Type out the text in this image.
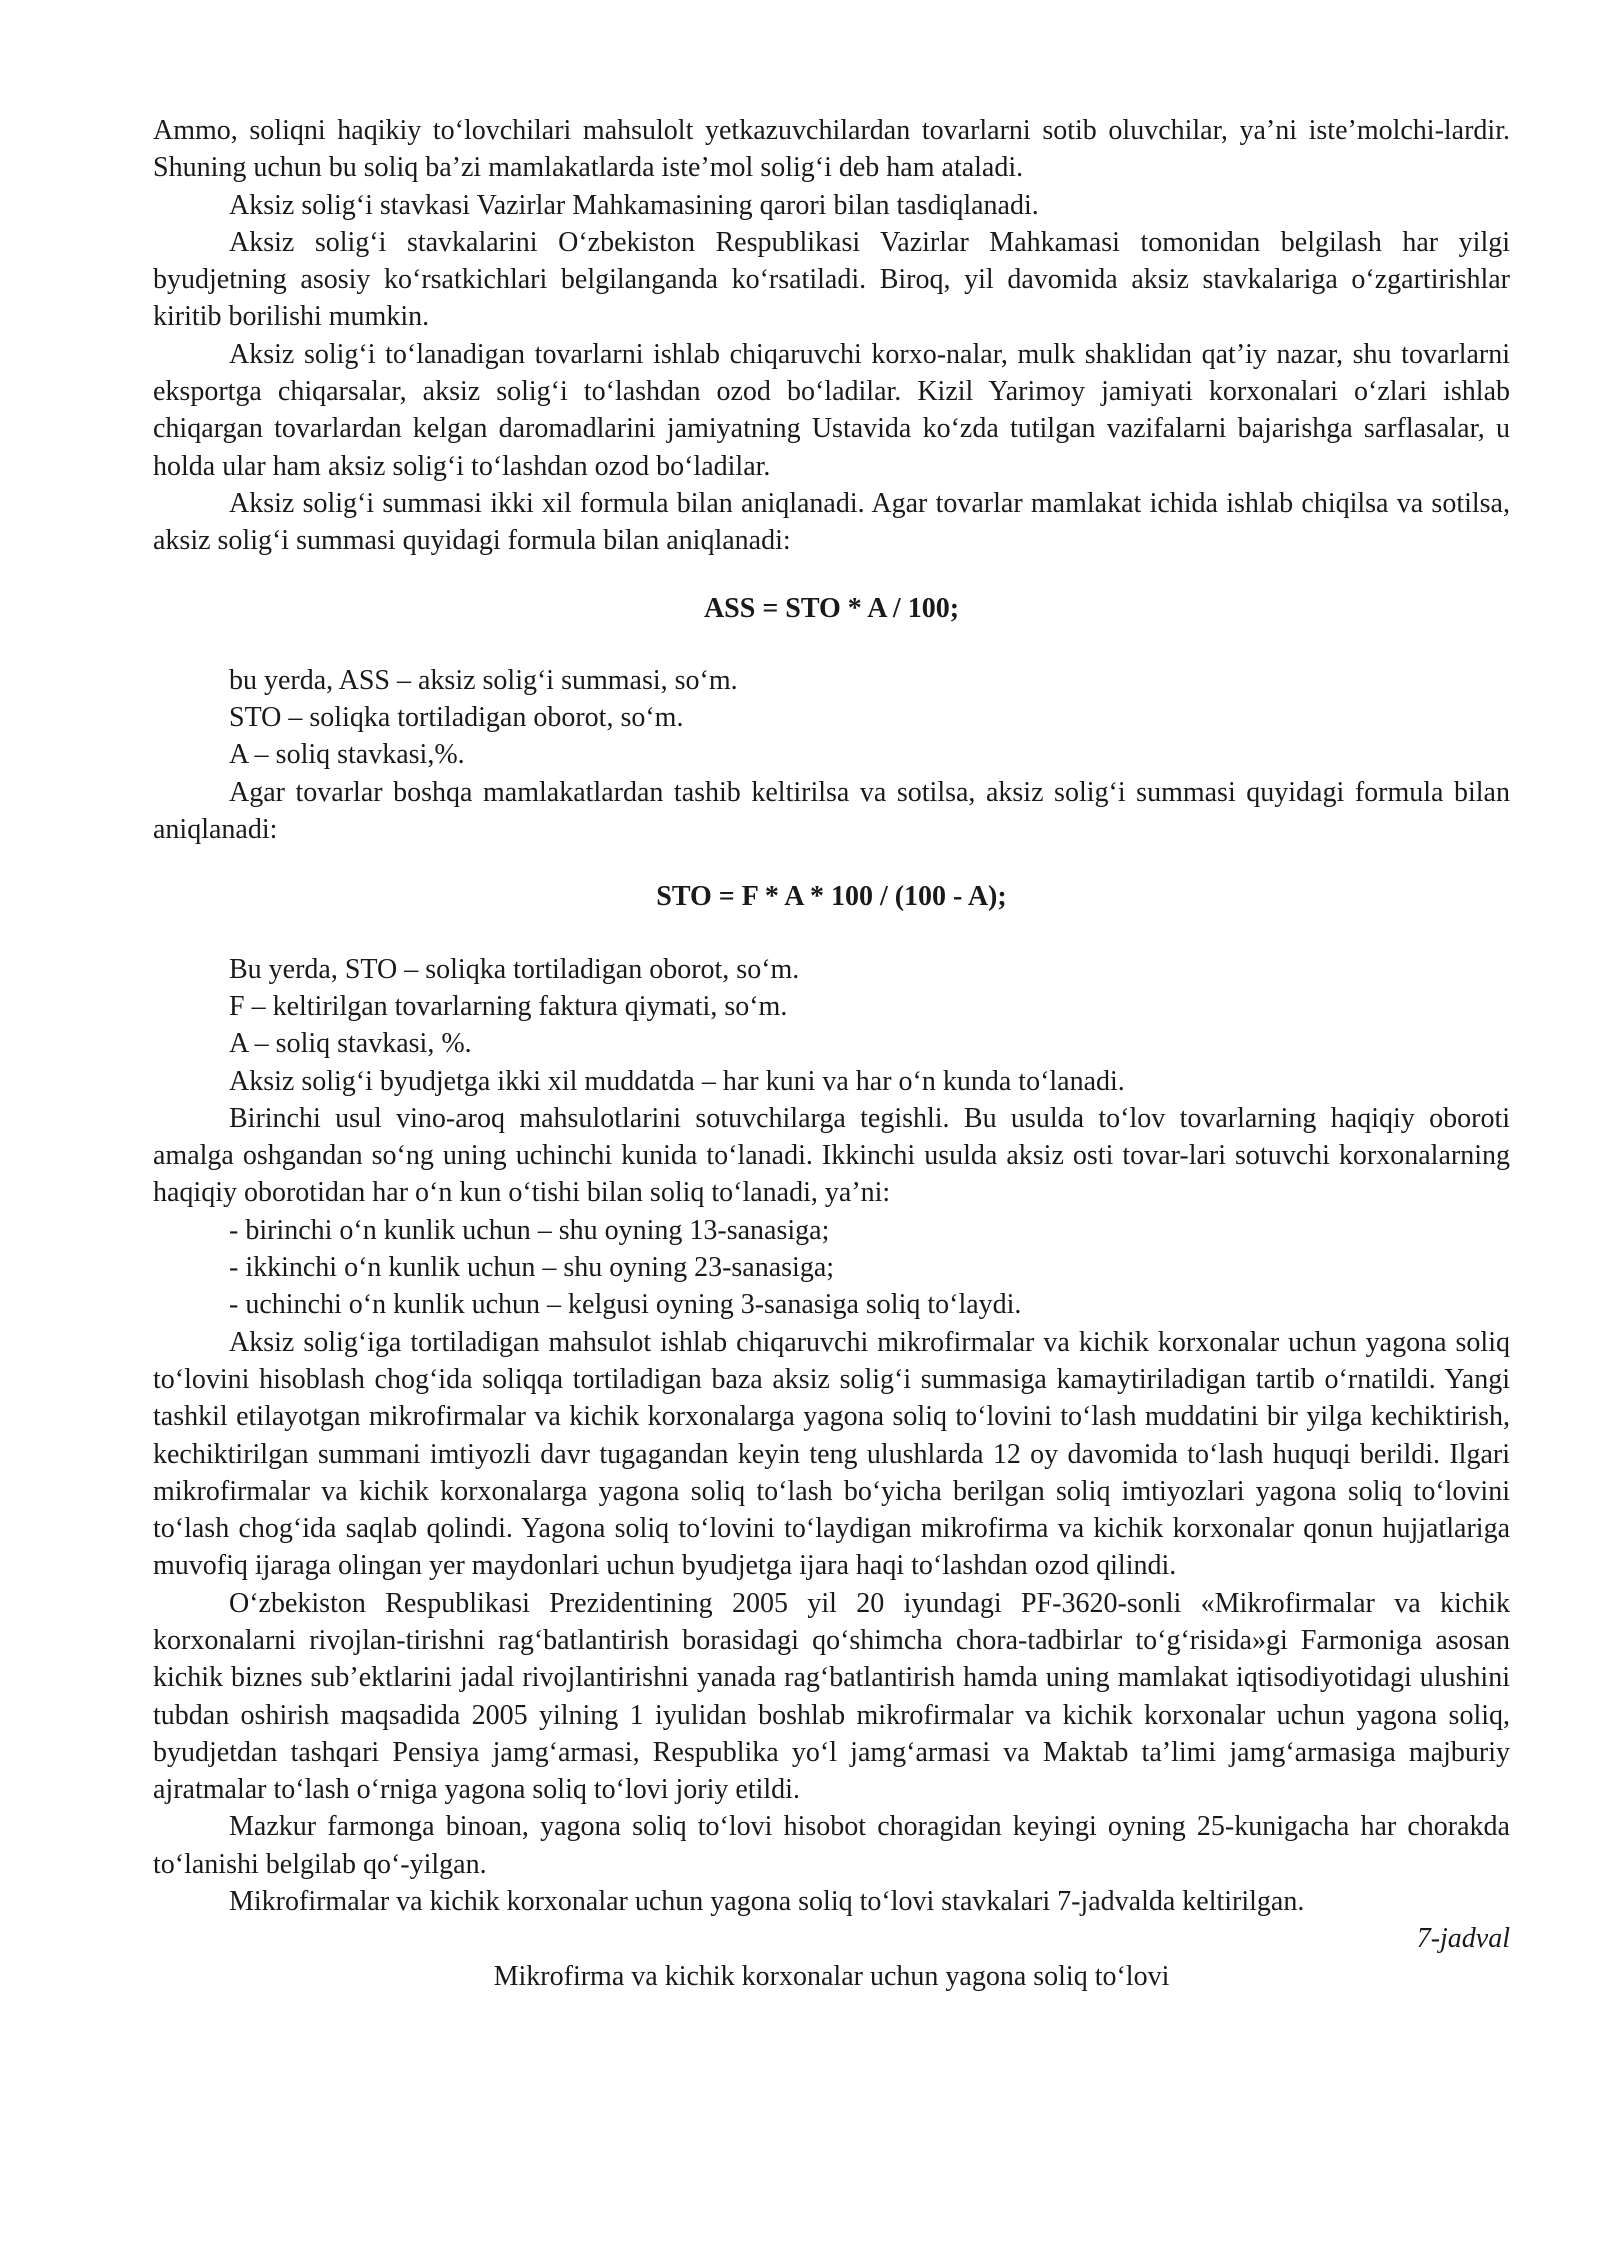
Ammo, soliqni haqikiy to‘lovchilari mahsulolt yetkazuvchilardan tovarlarni sotib oluvchilar, ya’ni iste’molchi-lardir. Shuning uchun bu soliq ba’zi mamlakatlarda iste’mol solig‘i deb ham ataladi.

Aksiz solig‘i stavkasi Vazirlar Mahkamasining qarori bilan tasdiqlanadi.

Aksiz solig‘i stavkalarini O‘zbekiston Respublikasi Vazirlar Mahkamasi tomonidan belgilash har yilgi byudjetning asosiy ko‘rsatkichlari belgilanganda ko‘rsatiladi. Biroq, yil davomida aksiz stavkalariga o‘zgartirishlar kiritib borilishi mumkin.

Aksiz solig‘i to‘lanadigan tovarlarni ishlab chiqaruvchi korxo-nalar, mulk shaklidan qat’iy nazar, shu tovarlarni eksportga chiqarsalar, aksiz solig‘i to‘lashdan ozod bo‘ladilar. Kizil Yarimoy jamiyati korxonalari o‘zlari ishlab chiqargan tovarlardan kelgan daromadlarini jamiyatning Ustavida ko‘zda tutilgan vazifalarni bajarishga sarflasalar, u holda ular ham aksiz solig‘i to‘lashdan ozod bo‘ladilar.

Aksiz solig‘i summasi ikki xil formula bilan aniqlanadi. Agar tovarlar mamlakat ichida ishlab chiqilsa va sotilsa, aksiz solig‘i summasi quyidagi formula bilan aniqlanadi:

ASS = STO * A / 100;

bu yerda, ASS – aksiz solig‘i summasi, so‘m.

STO – soliqka tortiladigan oborot, so‘m.

A – soliq stavkasi,%.

Agar tovarlar boshqa mamlakatlardan tashib keltirilsa va sotilsa, aksiz solig‘i summasi quyidagi formula bilan aniqlanadi:

STO = F * A * 100 / (100 - A);

Bu yerda, STO – soliqka tortiladigan oborot, so‘m.

F – keltirilgan tovarlarning faktura qiymati, so‘m.

A – soliq stavkasi, %.

Aksiz solig‘i byudjetga ikki xil muddatda – har kuni va har o‘n kunda to‘lanadi.

Birinchi usul vino-aroq mahsulotlarini sotuvchilarga tegishli. Bu usulda to‘lov tovarlarning haqiqiy oboroti amalga oshgandan so‘ng uning uchinchi kunida to‘lanadi. Ikkinchi usulda aksiz osti tovar-lari sotuvchi korxonalarning haqiqiy oborotidan har o‘n kun o‘tishi bilan soliq to‘lanadi, ya’ni:

- birinchi o‘n kunlik uchun – shu oyning 13-sanasiga;

- ikkinchi o‘n kunlik uchun – shu oyning 23-sanasiga;

- uchinchi o‘n kunlik uchun – kelgusi oyning 3-sanasiga soliq to‘laydi.

Aksiz solig‘iga tortiladigan mahsulot ishlab chiqaruvchi mikrofirmalar va kichik korxonalar uchun yagona soliq to‘lovini hisoblash chog‘ida soliqqa tortiladigan baza aksiz solig‘i summasiga kamaytiriladigan tartib o‘rnatildi. Yangi tashkil etilayotgan mikrofirmalar va kichik korxonalarga yagona soliq to‘lovini to‘lash muddatini bir yilga kechiktirish, kechiktirilgan summani imtiyozli davr tugagandan keyin teng ulushlarda 12 oy davomida to‘lash huquqi berildi. Ilgari mikrofirmalar va kichik korxonalarga yagona soliq to‘lash bo‘yicha berilgan soliq imtiyozlari yagona soliq to‘lovini to‘lash chog‘ida saqlab qolindi. Yagona soliq to‘lovini to‘laydigan mikrofirma va kichik korxonalar qonun hujjatlariga muvofiq ijaraga olingan yer maydonlari uchun byudjetga ijara haqi to‘lashdan ozod qilindi.

O‘zbekiston Respublikasi Prezidentining 2005 yil 20 iyundagi PF-3620-sonli «Mikrofirmalar va kichik korxonalarni rivojlan-tirishni rag‘batlantirish borasidagi qo‘shimcha chora-tadbirlar to‘g‘risida»gi Farmoniga asosan kichik biznes sub’ektlarini jadal rivojlantirishni yanada rag‘batlantirish hamda uning mamlakat iqtisodiyotidagi ulushini tubdan oshirish maqsadida 2005 yilning 1 iyulidan boshlab mikrofirmalar va kichik korxonalar uchun yagona soliq, byudjetdan tashqari Pensiya jamg‘armasi, Respublika yo‘l jamg‘armasi va Maktab ta’limi jamg‘armasiga majburiy ajratmalar to‘lash o‘rniga yagona soliq to‘lovi joriy etildi.

Mazkur farmonga binoan, yagona soliq to‘lovi hisobot choragidan keyingi oyning 25-kunigacha har chorakda to‘lanishi belgilab qo‘-yilgan.

Mikrofirmalar va kichik korxonalar uchun yagona soliq to‘lovi stavkalari 7-jadvalda keltirilgan.

7-jadval

Mikrofirma va kichik korxonalar uchun yagona soliq to‘lovi
